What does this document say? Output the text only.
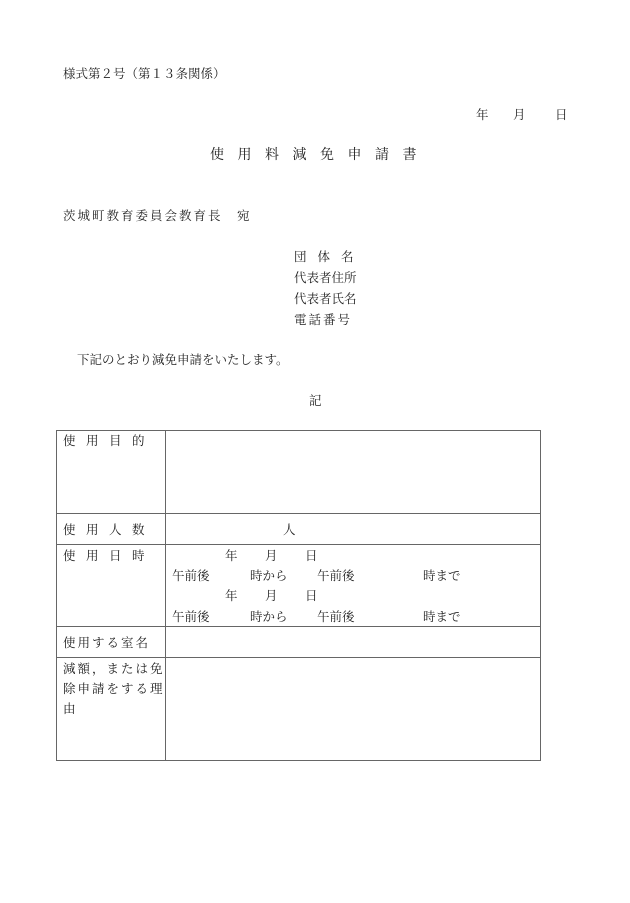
様式第２号（第１３条関係）
年 月 日
使用料減免申請書
茨城町教育委員会教育長　宛
団体名
代表者住所
代表者氏名
電話番号
下記のとおり減免申請をいたします。
記
使用目的
使用人数	人
使用日時	年 月 日
午前後	時から 午前後	時まで
年 月 日
午前後	時から 午前後	時まで
使用する室名
減額，または免
除申請をする理
由
